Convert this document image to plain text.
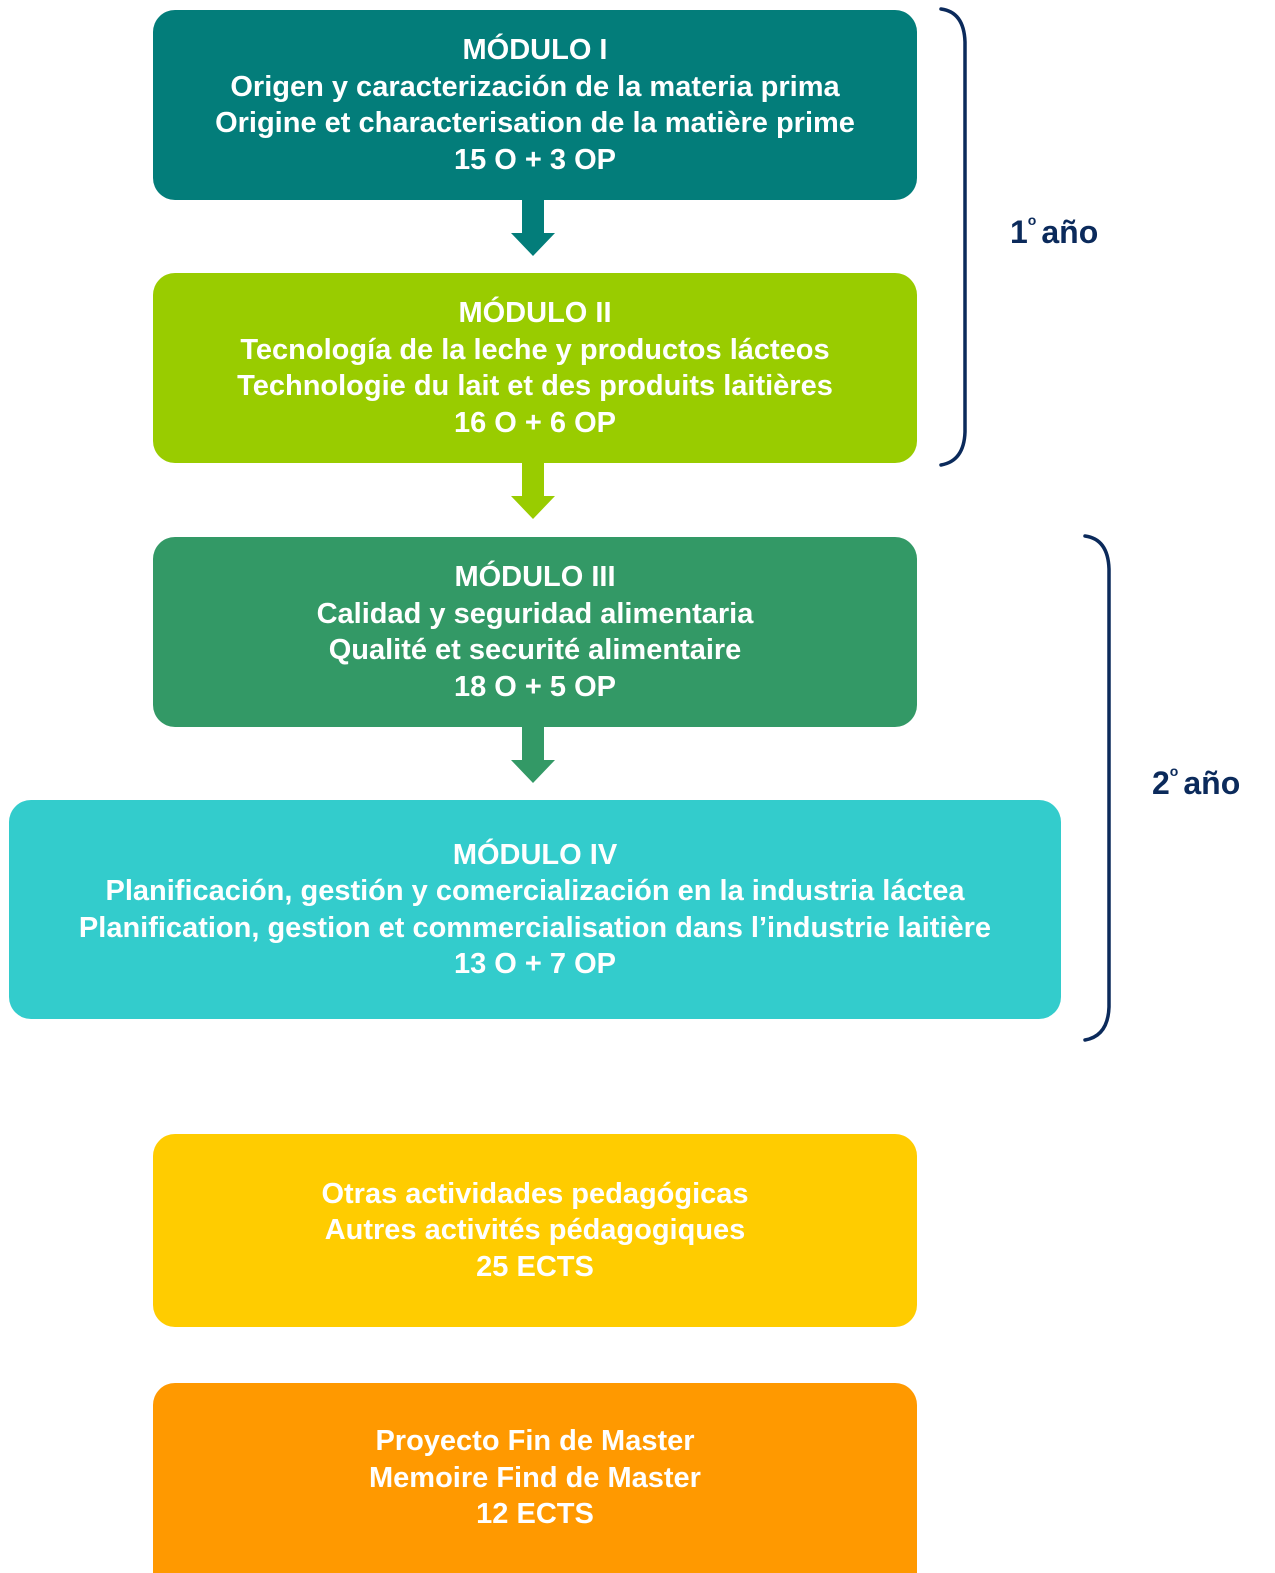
MÓDULO I
Origen y caracterización de la materia prima
Origine et characterisation de la matière prime
15 O + 3 OP
MÓDULO II
Tecnología de la leche y productos lácteos
Technologie du lait et des produits laitières
16 O + 6 OP
MÓDULO III
Calidad y seguridad alimentaria
Qualité et securité alimentaire
18 O + 5 OP
MÓDULO IV
Planificación, gestión y comercialización en la industria láctea
Planification, gestion et commercialisation dans l’industrie laitière
13 O + 7 OP
1$^o$ año
2$^o$ año
Otras actividades pedagógicas
Autres activités pédagogiques
25 ECTS
Proyecto Fin de Master
Memoire Find de Master
12 ECTS
